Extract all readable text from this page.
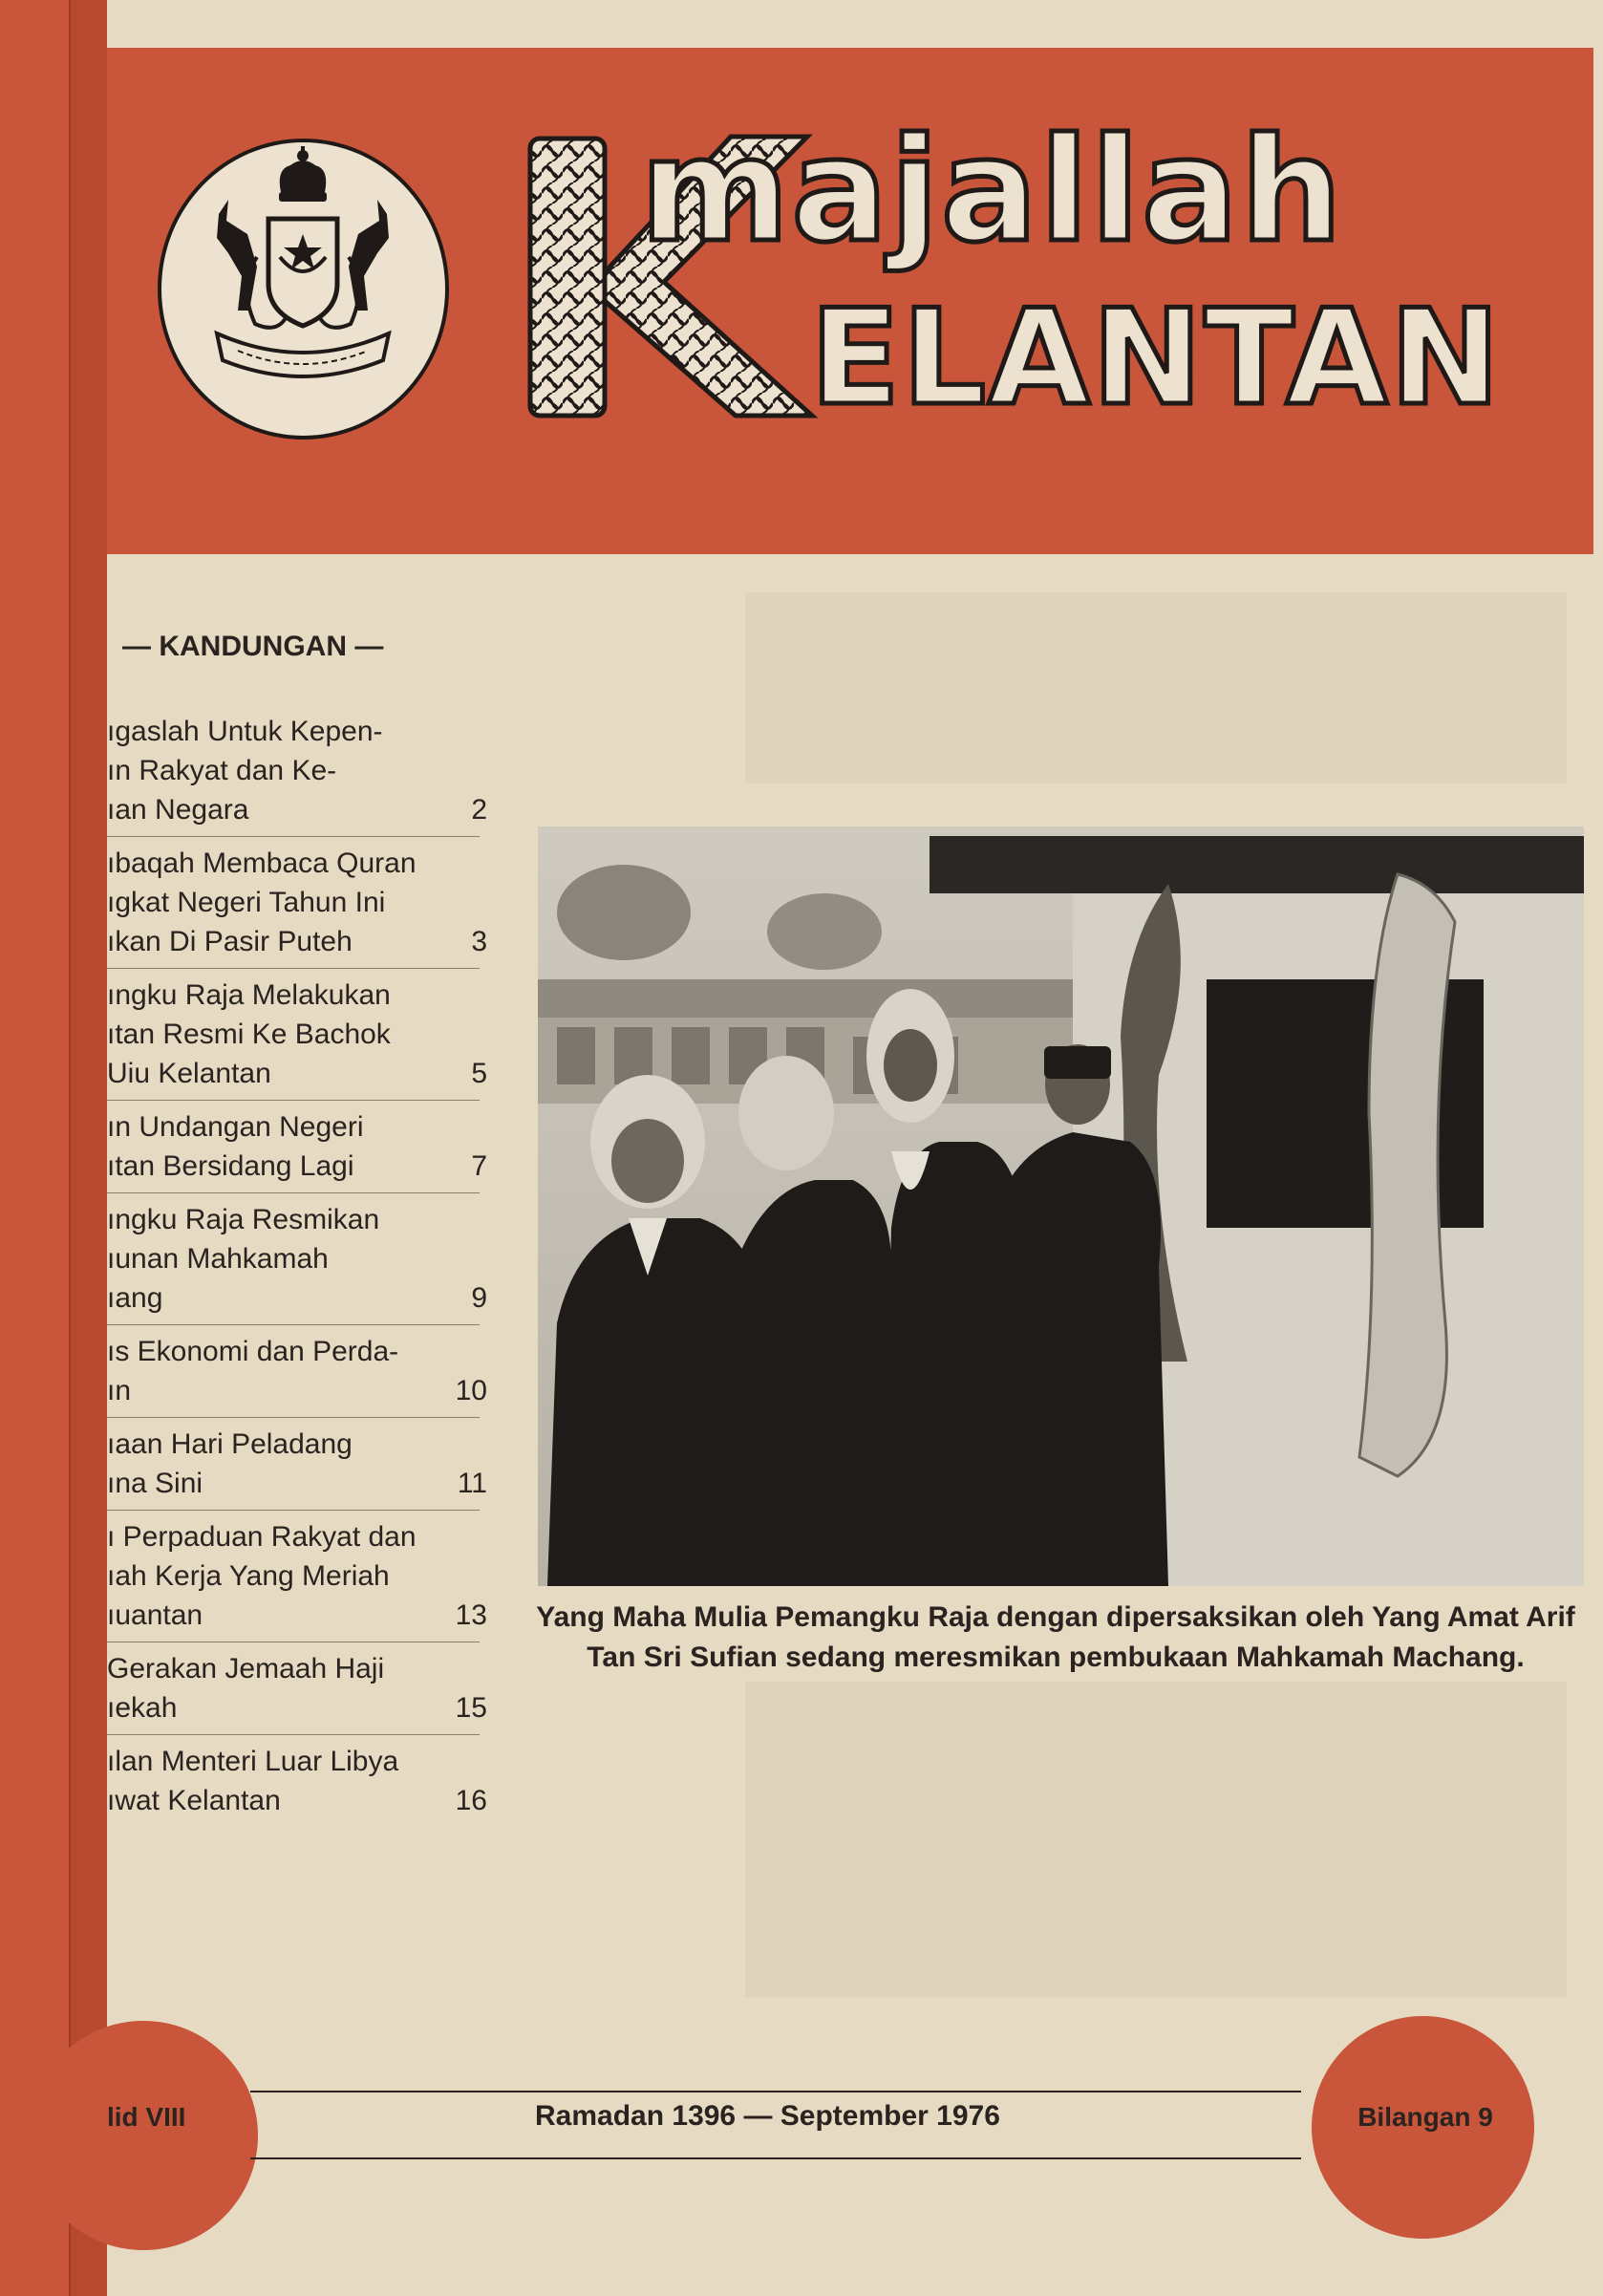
majallah
ELANTAN
— KANDUNGAN —
ıgaslah Untuk Kepen-
ın Rakyat dan Ke-
ıan Negara	2
ıbaqah Membaca Quran
ıgkat Negeri Tahun Ini
ıkan Di Pasir Puteh	3
ıngku Raja Melakukan
ıtan Resmi Ke Bachok
Uiu Kelantan	5
ın Undangan Negeri
ıtan Bersidang Lagi	7
ıngku Raja Resmikan
ıunan Mahkamah
ıang	9
ıs Ekonomi dan Perda-
ın	10
ıaan Hari Peladang
ına Sini	11
ı Perpaduan Rakyat dan
ıah Kerja Yang Meriah
ıuantan	13
Gerakan Jemaah Haji
ıekah	15
ılan Menteri Luar Libya
ıwat Kelantan	16
Yang Maha Mulia Pemangku Raja dengan dipersaksikan oleh Yang Amat Arif
Tan Sri Sufian sedang meresmikan pembukaan Mahkamah Machang.
lid VIII	Ramadan 1396 — September 1976	Bilangan 9
